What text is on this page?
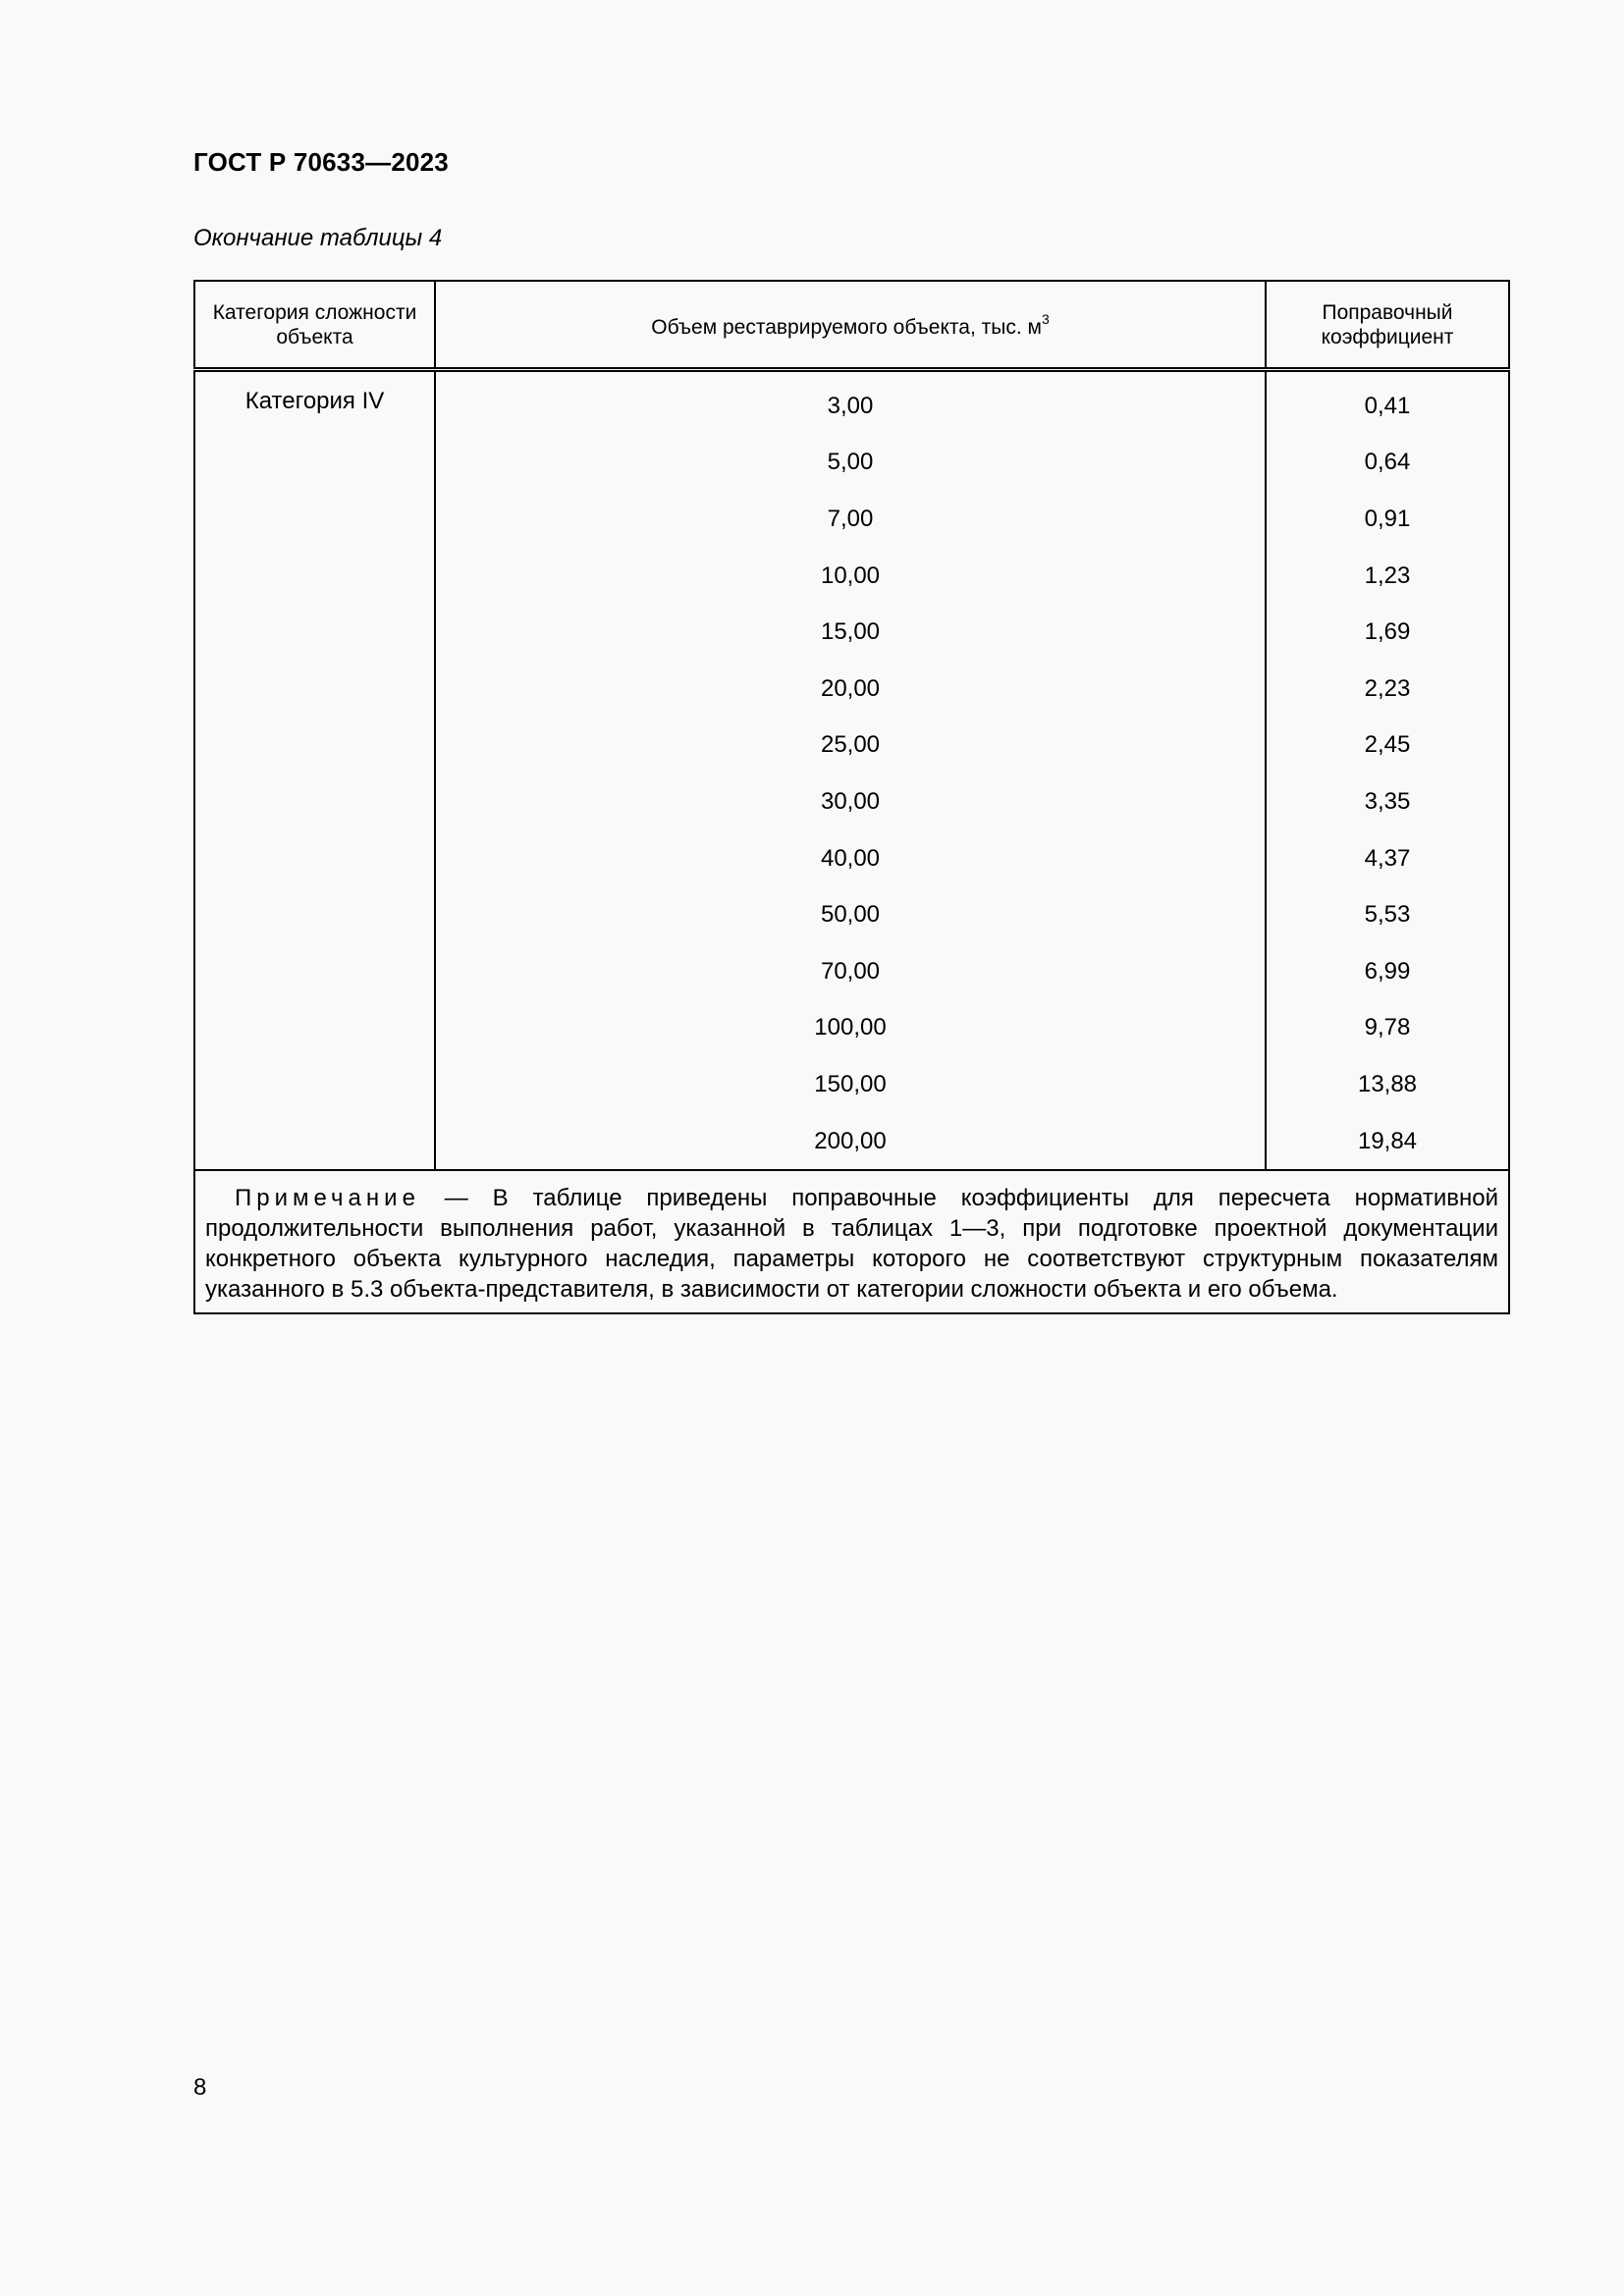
ГОСТ Р 70633—2023
Окончание таблицы 4
Категория сложности объекта	Объем реставрируемого объекта, тыс. $м^3$	Поправочный коэффициент
Категория IV	3,00	0,41
	5,00	0,64
	7,00	0,91
	10,00	1,23
	15,00	1,69
	20,00	2,23
	25,00	2,45
	30,00	3,35
	40,00	4,37
	50,00	5,53
	70,00	6,99
	100,00	9,78
	150,00	13,88
	200,00	19,84
Примечание — В таблице приведены поправочные коэффициенты для пересчета нормативной продолжительности выполнения работ, указанной в таблицах 1—3, при подготовке проектной документации конкретного объекта культурного наследия, параметры которого не соответствуют структурным показателям указанного в 5.3 объекта-представителя, в зависимости от категории сложности объекта и его объема.		
8
